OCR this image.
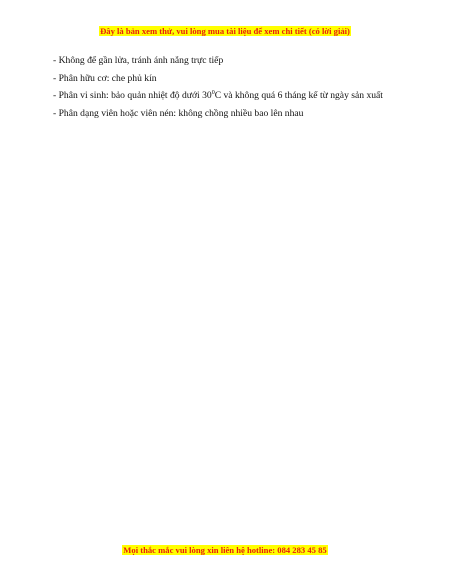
Đây là bản xem thử, vui lòng mua tài liệu để xem chi tiết (có lời giải)

- Không để gần lửa, tránh ánh nắng trực tiếp

- Phân hữu cơ: che phủ kín

- Phân vi sinh: bảo quản nhiệt độ dưới $30^0C$ và không quá 6 tháng kể từ ngày sản xuất

- Phân dạng viên hoặc viên nén: không chồng nhiều bao lên nhau

Mọi thắc mắc vui lòng xin liên hệ hotline: 084 283 45 85
